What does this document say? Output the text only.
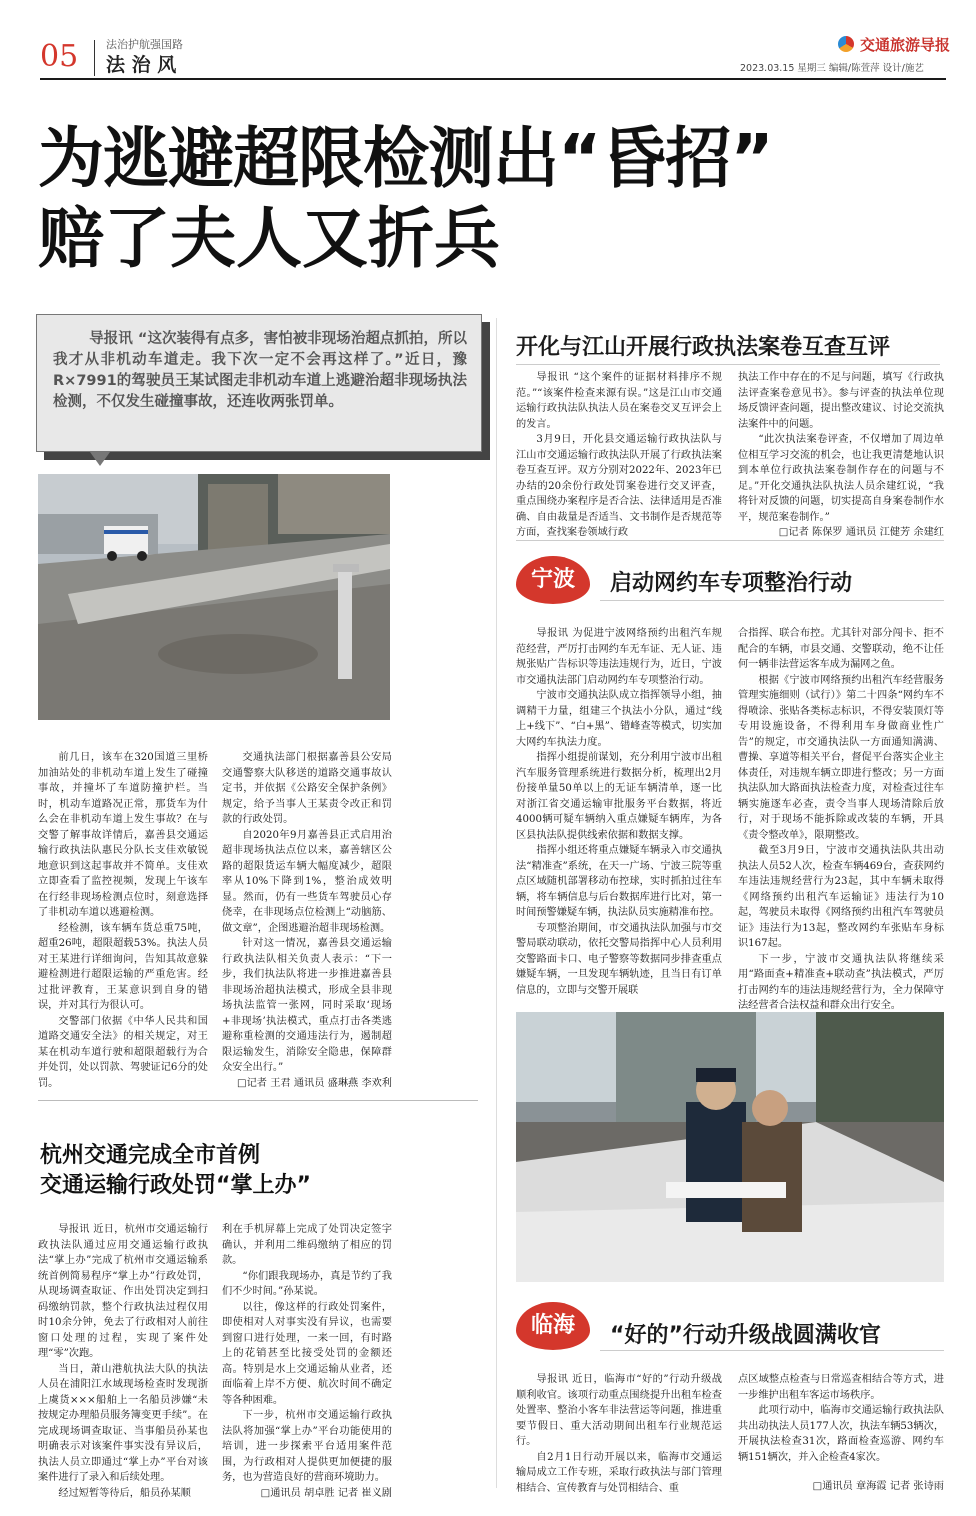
05	法治护航强国路
法 治 风
交通旅游导报
2023.03.15 星期三 编辑/陈萱萍 设计/施艺
为逃避超限检测出“昏招”
赔了夫人又折兵
导报讯 “这次装得有点多，害怕被非现场治超点抓拍，所以我才从非机动车道走。我下次一定不会再这样了。”近日，豫R×7991的驾驶员王某试图走非机动车道上逃避治超非现场执法检测，不仅发生碰撞事故，还连收两张罚单。

前几日，该车在320国道三里桥加油站处的非机动车道上发生了碰撞事故，并撞坏了车道防撞护栏。当时，机动车道路况正常，那货车为什么会在非机动车道上发生事故？在与交警了解事故详情后，嘉善县交通运输行政执法队惠民分队长支佳欢敏锐地意识到这起事故并不简单。支佳欢立即查看了监控视频，发现上午该车在行经非现场检测点位时，刻意选择了非机动车道以逃避检测。

经检测，该车辆车货总重75吨，超重26吨，超限超载53%。执法人员对王某进行详细询问，告知其故意躲避检测进行超限运输的严重危害。经过批评教育，王某意识到自身的错误，并对其行为很认可。

交警部门依据《中华人民共和国道路交通安全法》的相关规定，对王某在机动车道行驶和超限超载行为合并处罚，处以罚款、驾驶证记6分的处罚。

交通执法部门根据嘉善县公安局交通警察大队移送的道路交通事故认定书，并依据《公路安全保护条例》规定，给予当事人王某责令改正和罚款的行政处罚。

自2020年9月嘉善县正式启用治超非现场执法点位以来，嘉善辖区公路的超限货运车辆大幅度减少，超限率从10%下降到1%，整治成效明显。然而，仍有一些货车驾驶员心存侥幸，在非现场点位检测上“动脑筋、做文章”，企图逃避治超非现场检测。

针对这一情况，嘉善县交通运输行政执法队相关负责人表示：“下一步，我们执法队将进一步推进嘉善县非现场治超执法模式，形成全县非现场执法监管一张网，同时采取‘现场+非现场’执法模式，重点打击各类逃避称重检测的交通违法行为，遏制超限运输发生，消除安全隐患，保障群众安全出行。”

□记者 王君 通讯员 盛琳燕 李欢利

杭州交通完成全市首例
交通运输行政处罚“掌上办”

导报讯 近日，杭州市交通运输行政执法队通过应用交通运输行政执法“掌上办”完成了杭州市交通运输系统首例简易程序“掌上办”行政处罚，从现场调查取证、作出处罚决定到扫码缴纳罚款，整个行政执法过程仅用时10余分钟，免去了行政相对人前往窗口处理的过程，实现了案件处理“零”次跑。

当日，萧山港航执法大队的执法人员在浦阳江水域现场检查时发现浙上虞货×××船舶上一名船员涉嫌“未按规定办理船员服务簿变更手续”。在完成现场调查取证、当事船员孙某也明确表示对该案件事实没有异议后，执法人员立即通过“掌上办”平台对该案件进行了录入和后续处理。

经过短暂等待后，船员孙某顺

利在手机屏幕上完成了处罚决定签字确认，并利用二维码缴纳了相应的罚款。

“你们跟我现场办，真是节约了我们不少时间。”孙某说。

以往，像这样的行政处罚案件，即使相对人对事实没有异议，也需要到窗口进行处理，一来一回，有时路上的花销甚至比接受处罚的金额还高。特别是水上交通运输从业者，还面临着上岸不方便、航次时间不确定等各种困难。

下一步，杭州市交通运输行政执法队将加强“掌上办”平台功能使用的培训，进一步探索平台适用案件范围，为行政相对人提供更加便捷的服务，也为营造良好的营商环境助力。

□通讯员 胡卓胜 记者 崔义剧

开化与江山开展行政执法案卷互查互评

导报讯 “这个案件的证据材料排序不规范。”“该案件检查来源有误。”这是江山市交通运输行政执法队执法人员在案卷交叉互评会上的发言。

3月9日，开化县交通运输行政执法队与江山市交通运输行政执法队开展了行政执法案卷互查互评。双方分别对2022年、2023年已办结的20余份行政处罚案卷进行交叉评查，重点围绕办案程序是否合法、法律适用是否准确、自由裁量是否适当、文书制作是否规范等方面，查找案卷领域行政

执法工作中存在的不足与问题，填写《行政执法评查案卷意见书》。参与评查的执法单位现场反馈评查问题，提出整改建议、讨论交流执法案件中的问题。

“此次执法案卷评查，不仅增加了周边单位相互学习交流的机会，也让我更清楚地认识到本单位行政执法案卷制作存在的问题与不足。”开化交通执法队执法人员余建红说，“我将针对反馈的问题，切实提高自身案卷制作水平，规范案卷制作。”

□记者 陈保罗 通讯员 江健芳 余建红

宁波	启动网约车专项整治行动

导报讯 为促进宁波网络预约出租汽车规范经营，严厉打击网约车无车证、无人证、违规张贴广告标识等违法违规行为，近日，宁波市交通执法部门启动网约车专项整治行动。

宁波市交通执法队成立指挥领导小组，抽调精干力量，组建三个执法小分队，通过“线上+线下”、“白+黑”、错峰查等模式，切实加大网约车执法力度。

指挥小组提前谋划，充分利用宁波市出租汽车服务管理系统进行数据分析，梳理出2月份接单量50单以上的无证车辆清单，逐一比对浙江省交通运输审批服务平台数据，将近4000辆可疑车辆纳入重点嫌疑车辆库，为各区县执法队提供线索依据和数据支撑。

指挥小组还将重点嫌疑车辆录入市交通执法“精准查”系统，在天一广场、宁波三院等重点区域随机部署移动布控球，实时抓拍过往车辆，将车辆信息与后台数据库进行比对，第一时间预警嫌疑车辆，执法队员实施精准布控。

专项整治期间，市交通执法队加强与市交警局联动联动，依托交警局指挥中心人员利用交警路面卡口、电子警察等数据同步排查重点嫌疑车辆，一旦发现车辆轨迹，且当日有订单信息的，立即与交警开展联

合指挥、联合布控。尤其针对部分闯卡、拒不配合的车辆，市县交通、交警联动，绝不让任何一辆非法营运客车成为漏网之鱼。

根据《宁波市网络预约出租汽车经营服务管理实施细则（试行）》第二十四条“网约车不得喷涂、张贴各类标志标识，不得安装顶灯等专用设施设备，不得利用车身做商业性广告”的规定，市交通执法队一方面通知满满、曹操、享道等相关平台，督促平台落实企业主体责任，对违规车辆立即进行整改；另一方面执法队加大路面执法检查力度，对检查过往车辆实施逐车必查，责令当事人现场清除后放行，对于现场不能拆除或改装的车辆，开具《责令整改单》，限期整改。

截至3月9日，宁波市交通执法队共出动执法人员52人次，检查车辆469台，查获网约车违法违规经营行为23起，其中车辆未取得《网络预约出租汽车运输证》违法行为10起，驾驶员未取得《网络预约出租汽车驾驶员证》违法行为13起，整改网约车张贴车身标识167起。

下一步，宁波市交通执法队将继续采用“路面查+精准查+联动查”执法模式，严厉打击网约车的违法违规经营行为，全力保障守法经营者合法权益和群众出行安全。

临海	“好的”行动升级战圆满收官

导报讯 近日，临海市“好的”行动升级战顺利收官。该项行动重点围绕提升出租车检查处置率、整治小客车非法营运等问题，推进重要节假日、重大活动期间出租车行业规范运行。

自2月1日行动开展以来，临海市交通运输局成立工作专班，采取行政执法与部门管理相结合、宣传教育与处罚相结合、重

点区域整点检查与日常巡查相结合等方式，进一步维护出租车客运市场秩序。

此项行动中，临海市交通运输行政执法队共出动执法人员177人次，执法车辆53辆次，开展执法检查31次，路面检查巡游、网约车辆151辆次，并入企检查4家次。

□通讯员 章海霞 记者 张诗雨
